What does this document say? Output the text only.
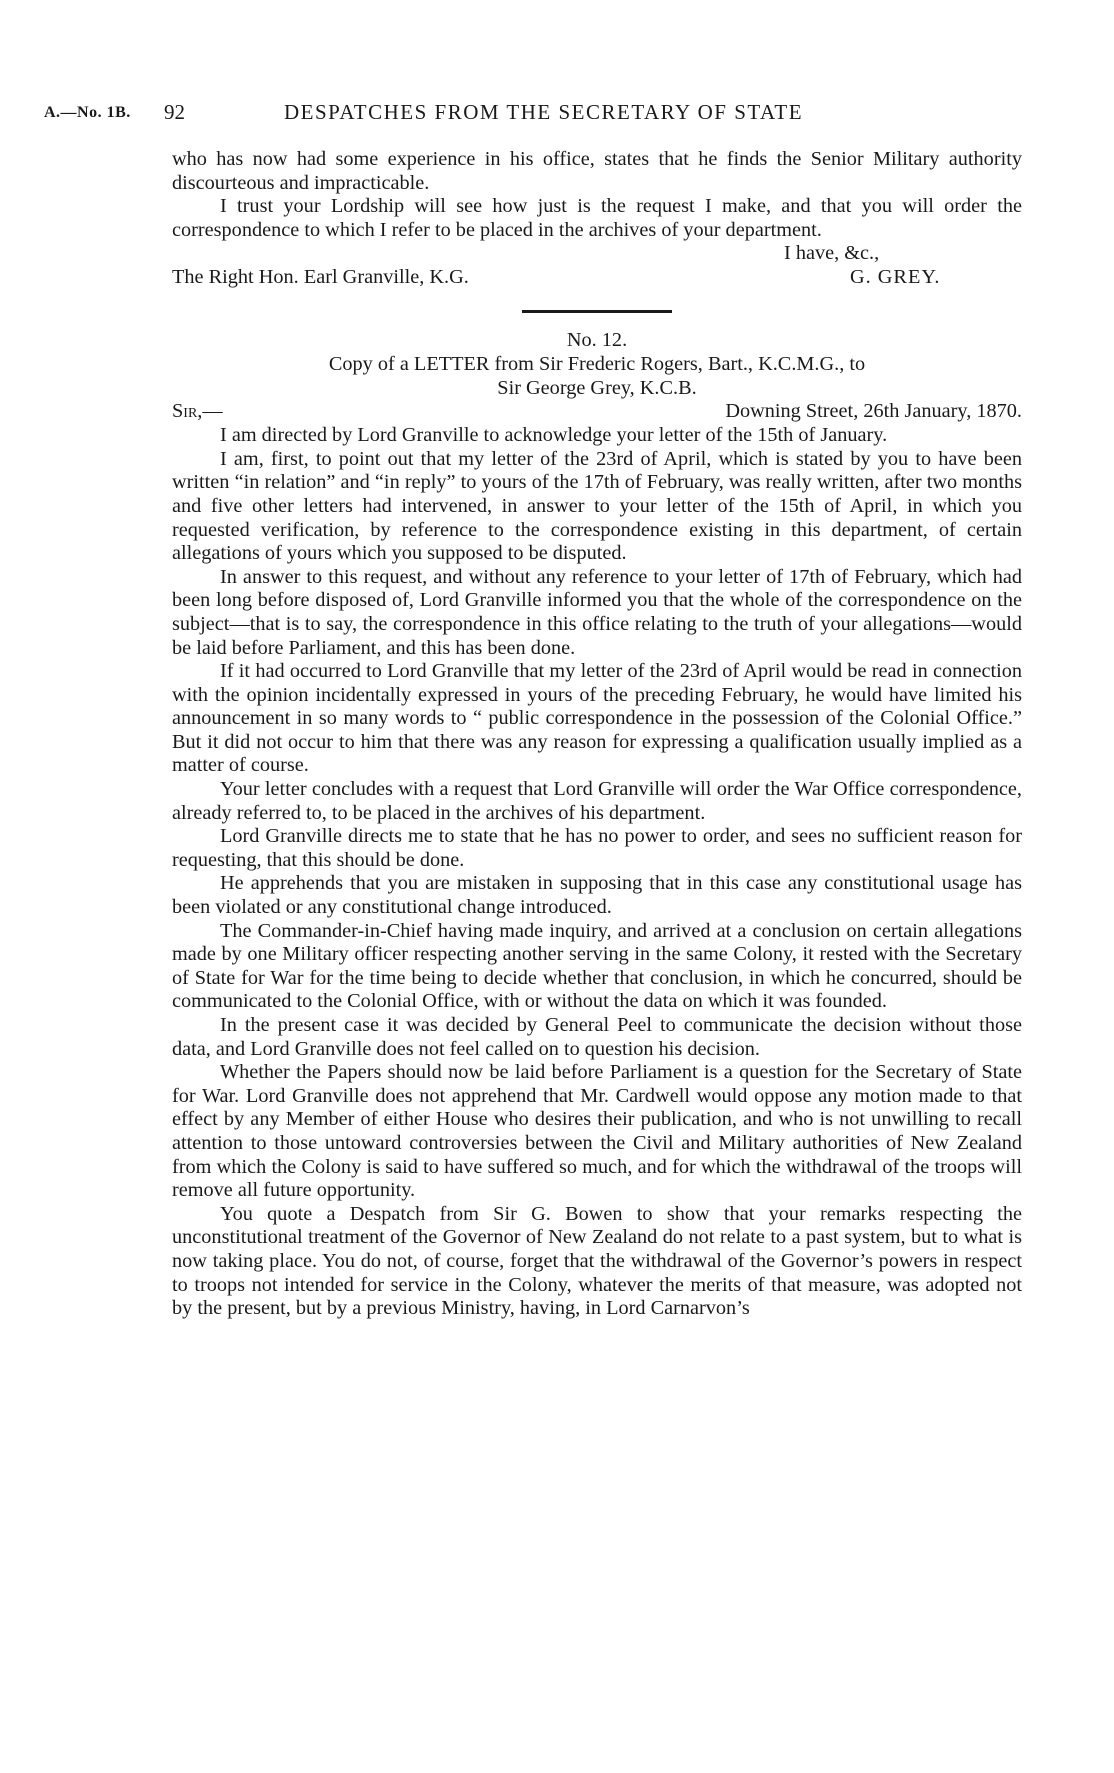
A.—No. 1B. 92	DESPATCHES FROM THE SECRETARY OF STATE

who has now had some experience in his office, states that he finds the Senior Military authority discourteous and impracticable.

I trust your Lordship will see how just is the request I make, and that you will order the correspondence to which I refer to be placed in the archives of your department.

I have, &c.,
The Right Hon. Earl Granville, K.G.	G. GREY.
No. 12.
Copy of a LETTER from Sir Frederic Rogers, Bart., K.C.M.G., to
Sir George Grey, K.C.B.
Sir,—	Downing Street, 26th January, 1870.

I am directed by Lord Granville to acknowledge your letter of the 15th of January.

I am, first, to point out that my letter of the 23rd of April, which is stated by you to have been written “in relation” and “in reply” to yours of the 17th of February, was really written, after two months and five other letters had intervened, in answer to your letter of the 15th of April, in which you requested verification, by reference to the correspondence existing in this department, of certain allegations of yours which you supposed to be disputed.

In answer to this request, and without any reference to your letter of 17th of February, which had been long before disposed of, Lord Granville informed you that the whole of the correspondence on the subject—that is to say, the correspondence in this office relating to the truth of your allegations—would be laid before Parliament, and this has been done.

If it had occurred to Lord Granville that my letter of the 23rd of April would be read in connection with the opinion incidentally expressed in yours of the preceding February, he would have limited his announcement in so many words to “ public correspondence in the possession of the Colonial Office.” But it did not occur to him that there was any reason for expressing a qualification usually implied as a matter of course.

Your letter concludes with a request that Lord Granville will order the War Office correspondence, already referred to, to be placed in the archives of his department.

Lord Granville directs me to state that he has no power to order, and sees no sufficient reason for requesting, that this should be done.

He apprehends that you are mistaken in supposing that in this case any constitutional usage has been violated or any constitutional change introduced.

The Commander-in-Chief having made inquiry, and arrived at a conclusion on certain allegations made by one Military officer respecting another serving in the same Colony, it rested with the Secretary of State for War for the time being to decide whether that conclusion, in which he concurred, should be communicated to the Colonial Office, with or without the data on which it was founded.

In the present case it was decided by General Peel to communicate the decision without those data, and Lord Granville does not feel called on to question his decision.

Whether the Papers should now be laid before Parliament is a question for the Secretary of State for War. Lord Granville does not apprehend that Mr. Cardwell would oppose any motion made to that effect by any Member of either House who desires their publication, and who is not unwilling to recall attention to those untoward controversies between the Civil and Military authorities of New Zealand from which the Colony is said to have suffered so much, and for which the withdrawal of the troops will remove all future opportunity.

You quote a Despatch from Sir G. Bowen to show that your remarks respecting the unconstitutional treatment of the Governor of New Zealand do not relate to a past system, but to what is now taking place. You do not, of course, forget that the withdrawal of the Governor’s powers in respect to troops not intended for service in the Colony, whatever the merits of that measure, was adopted not by the present, but by a previous Ministry, having, in Lord Carnarvon’s
